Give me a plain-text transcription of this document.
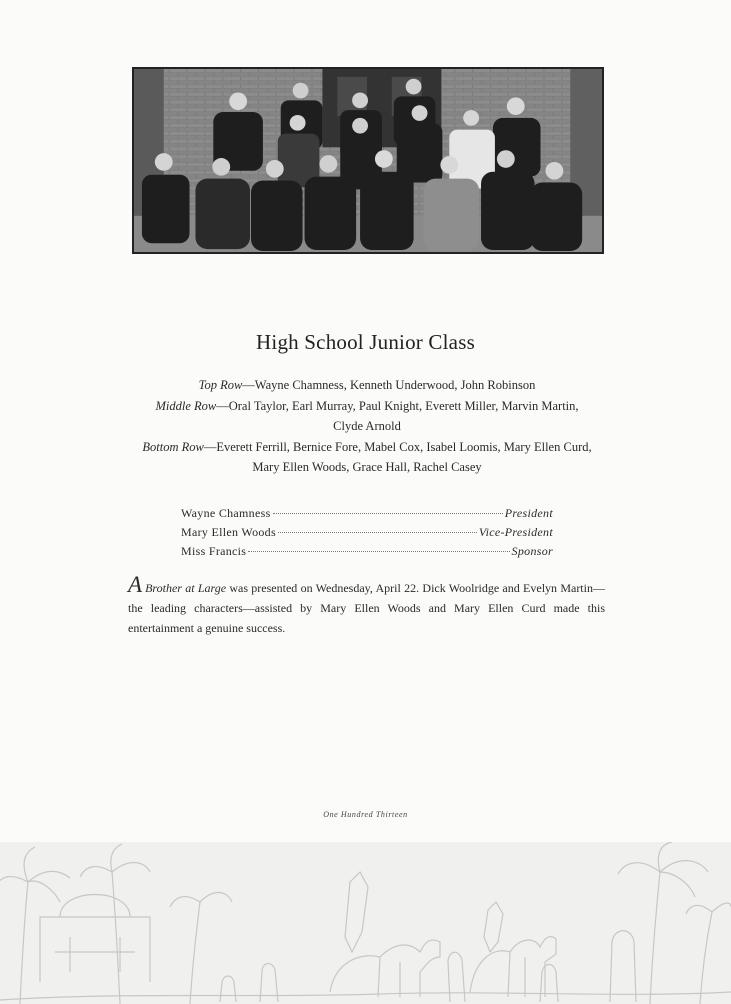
High School Junior Class
Top Row—Wayne Chamness, Kenneth Underwood, John Robinson
Middle Row—Oral Taylor, Earl Murray, Paul Knight, Everett Miller, Marvin Martin,
Clyde Arnold
Bottom Row—Everett Ferrill, Bernice Fore, Mabel Cox, Isabel Loomis, Mary Ellen Curd,
Mary Ellen Woods, Grace Hall, Rachel Casey
Wayne Chamness	President
Mary Ellen Woods	Vice-President
Miss Francis	Sponsor
A Brother at Large was presented on Wednesday, April 22. Dick Woolridge and Evelyn Martin—the leading characters—assisted by Mary Ellen Woods and Mary Ellen Curd made this entertainment a genuine success.
One Hundred Thirteen
